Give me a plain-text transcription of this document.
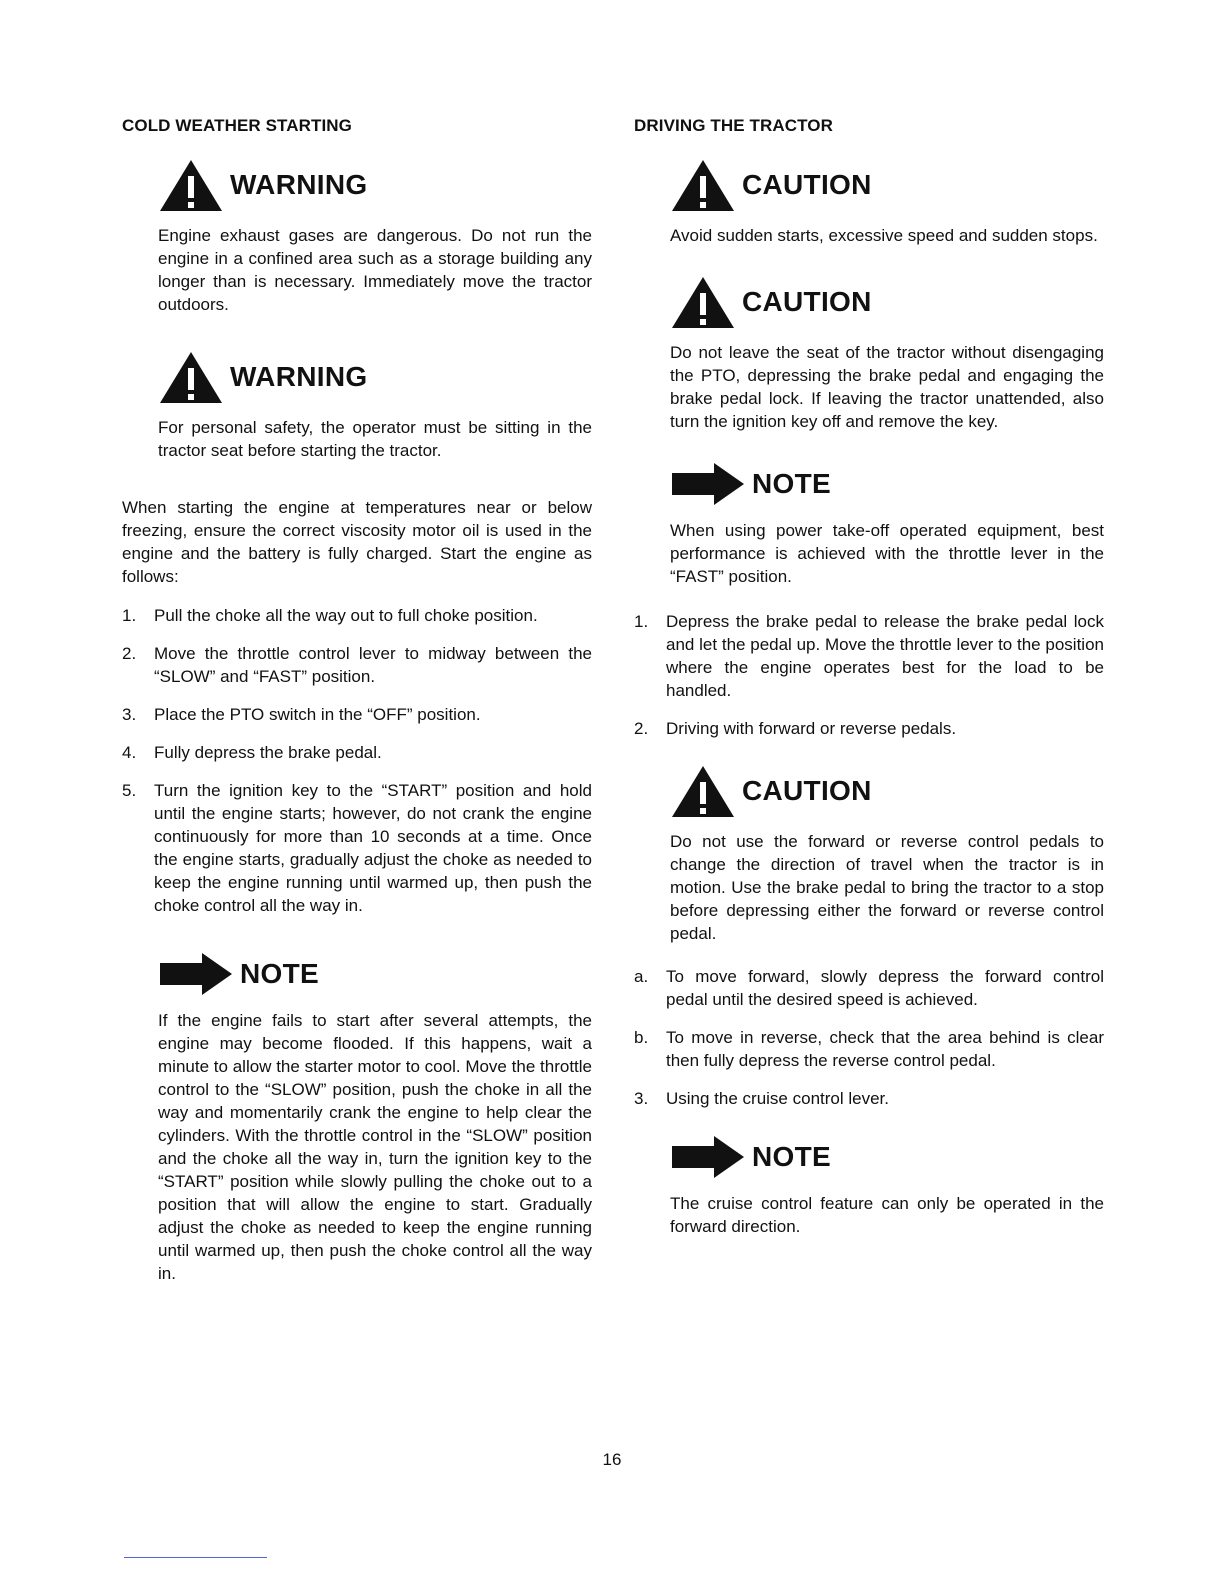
COLD WEATHER STARTING
WARNING

Engine exhaust gases are dangerous. Do not run the engine in a confined area such as a storage building any longer than is necessary. Immediately move the tractor outdoors.

WARNING

For personal safety, the operator must be sitting in the tractor seat before starting the tractor.

When starting the engine at temperatures near or below freezing, ensure the correct viscosity motor oil is used in the engine and the battery is fully charged. Start the engine as follows:

1.	Pull the choke all the way out to full choke position.
2.	Move the throttle control lever to midway between the “SLOW” and “FAST” position.
3.	Place the PTO switch in the “OFF” position.
4.	Fully depress the brake pedal.
5.	Turn the ignition key to the “START” position and hold until the engine starts; however, do not crank the engine continuously for more than 10 seconds at a time. Once the engine starts, gradually adjust the choke as needed to keep the engine running until warmed up, then push the choke control all the way in.
NOTE

If the engine fails to start after several attempts, the engine may become flooded. If this happens, wait a minute to allow the starter motor to cool. Move the throttle control to the “SLOW” position, push the choke in all the way and momentarily crank the engine to help clear the cylinders. With the throttle control in the “SLOW” position and the choke all the way in, turn the ignition key to the “START” position while slowly pulling the choke out to a position that will allow the engine to start. Gradually adjust the choke as needed to keep the engine running until warmed up, then push the choke control all the way in.

DRIVING THE TRACTOR
CAUTION

Avoid sudden starts, excessive speed and sudden stops.

CAUTION

Do not leave the seat of the tractor without disengaging the PTO, depressing the brake pedal and engaging the brake pedal lock. If leaving the tractor unattended, also turn the ignition key off and remove the key.

NOTE

When using power take-off operated equipment, best performance is achieved with the throttle lever in the “FAST” position.

1.	Depress the brake pedal to release the brake pedal lock and let the pedal up. Move the throttle lever to the position where the engine operates best for the load to be handled.
2.	Driving with forward or reverse pedals.
CAUTION

Do not use the forward or reverse control pedals to change the direction of travel when the tractor is in motion. Use the brake pedal to bring the tractor to a stop before depressing either the forward or reverse control pedal.

a.	To move forward, slowly depress the forward control pedal until the desired speed is achieved.
b.	To move in reverse, check that the area behind is clear then fully depress the reverse control pedal.
3.	Using the cruise control lever.
NOTE

The cruise control feature can only be operated in the forward direction.

16
